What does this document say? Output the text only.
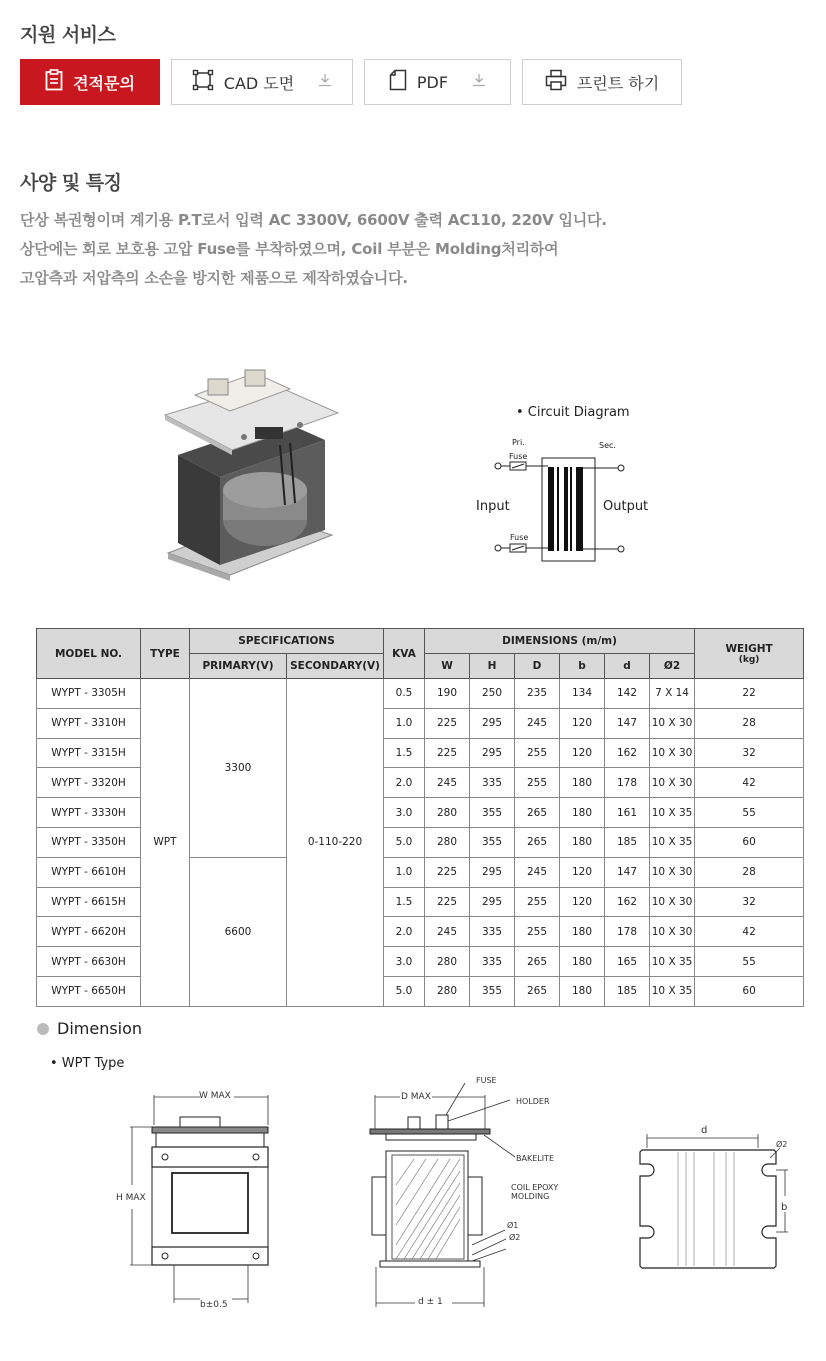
지원 서비스
견적문의	CAD 도면	PDF	프린트 하기
사양 및 특징
단상 복권형이며 계기용 P.T로서 입력 AC 3300V, 6600V 출력 AC110, 220V 입니다.
상단에는 회로 보호용 고압 Fuse를 부착하였으며, Coil 부분은 Molding처리하여
고압측과 저압측의 소손을 방지한 제품으로 제작하였습니다.
• Circuit Diagram
Pri.	Sec.
Fuse
Fuse
Input	Output
MODEL NO.	TYPE	SPECIFICATIONS		KVA	DIMENSIONS (m/m)						WEIGHT
(kg)

		PRIMARY(V)	SECONDARY(V)		W	H	D	b	d	Ø2	
WYPT - 3305H	WPT	3300	0-110-220	0.5	190	250	235	134	142	7 X 14	22
WYPT - 3310H				1.0	225	295	245	120	147	10 X 30	28
WYPT - 3315H				1.5	225	295	255	120	162	10 X 30	32
WYPT - 3320H				2.0	245	335	255	180	178	10 X 30	42
WYPT - 3330H				3.0	280	355	265	180	161	10 X 35	55
WYPT - 3350H				5.0	280	355	265	180	185	10 X 35	60
WYPT - 6610H		6600		1.0	225	295	245	120	147	10 X 30	28
WYPT - 6615H				1.5	225	295	255	120	162	10 X 30	32
WYPT - 6620H				2.0	245	335	255	180	178	10 X 30	42
WYPT - 6630H				3.0	280	335	265	180	165	10 X 35	55
WYPT - 6650H				5.0	280	355	265	180	185	10 X 35	60
Dimension
• WPT Type
W MAX
H MAX
b±0.5
D MAX
FUSE
HOLDER
BAKELITE
COIL EPOXY
MOLDING
Ø1
Ø2
d ± 1
d
Ø2
b
